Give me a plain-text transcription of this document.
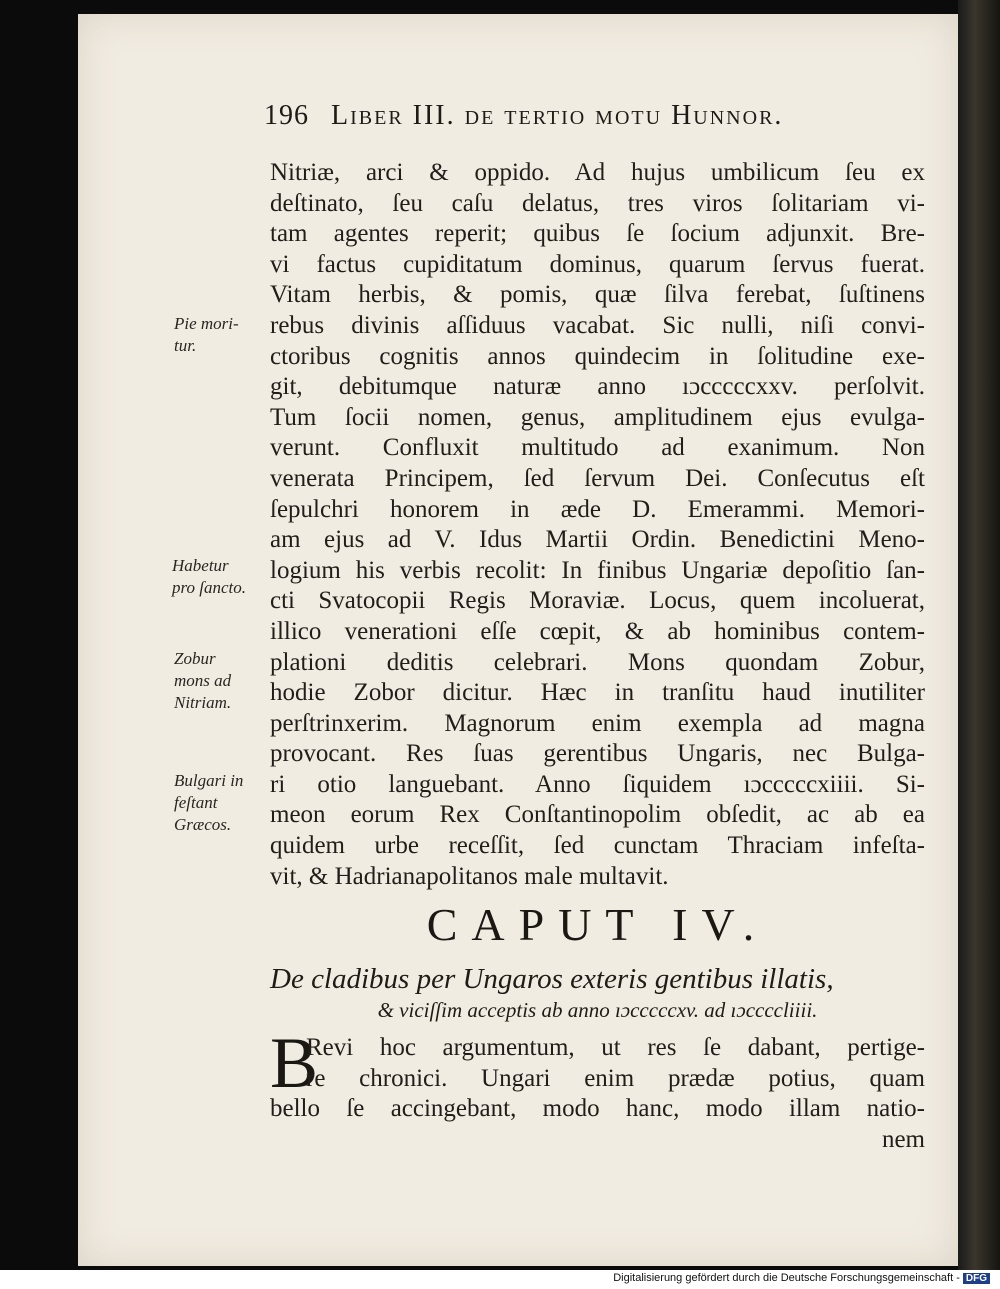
196 Liber III. de tertio motu Hunnor.
Nitriæ, arci & oppido. Ad hujus umbilicum ſeu ex
deſtinato, ſeu caſu delatus, tres viros ſolitariam vi-
tam agentes reperit; quibus ſe ſocium adjunxit. Bre-
vi factus cupiditatum dominus, quarum ſervus fuerat.
Vitam herbis, & pomis, quæ ſilva ferebat, ſuſtinens
rebus divinis aſſiduus vacabat. Sic nulli, niſi convi-
ctoribus cognitis annos quindecim in ſolitudine exe-
git, debitumque naturæ anno ıɔcccccxxv. perſolvit.
Tum ſocii nomen, genus, amplitudinem ejus evulga-
verunt. Confluxit multitudo ad exanimum. Non
venerata Principem, ſed ſervum Dei. Conſecutus eſt
ſepulchri honorem in æde D. Emerammi. Memori-
am ejus ad V. Idus Martii Ordin. Benedictini Meno-
logium his verbis recolit: In finibus Ungariæ depoſitio ſan-
cti Svatocopii Regis Moraviæ. Locus, quem incoluerat,
illico venerationi eſſe cœpit, & ab hominibus contem-
plationi deditis celebrari. Mons quondam Zobur,
hodie Zobor dicitur. Hæc in tranſitu haud inutiliter
perſtrinxerim. Magnorum enim exempla ad magna
provocant. Res ſuas gerentibus Ungaris, nec Bulga-
ri otio languebant. Anno ſiquidem ıɔcccccxiiii. Si-
meon eorum Rex Conſtantinopolim obſedit, ac ab ea
quidem urbe receſſit, ſed cunctam Thraciam infeſta-
vit, & Hadrianapolitanos male multavit.
Pie mori-
tur.
Habetur
pro ſancto.
Zobur
mons ad
Nitriam.
Bulgari in
feſtant
Græcos.
CAPUT IV.
De cladibus per Ungaros exteris gentibus illatis,
& viciſſim acceptis ab anno ıɔcccccxv. ad ıɔccccliiii.
B
Revi hoc argumentum, ut res ſe dabant, pertige-
re chronici. Ungari enim prædæ potius, quam
bello ſe accingebant, modo hanc, modo illam natio-
nem
Digitalisierung gefördert durch die Deutsche Forschungsgemeinschaft - DFG
